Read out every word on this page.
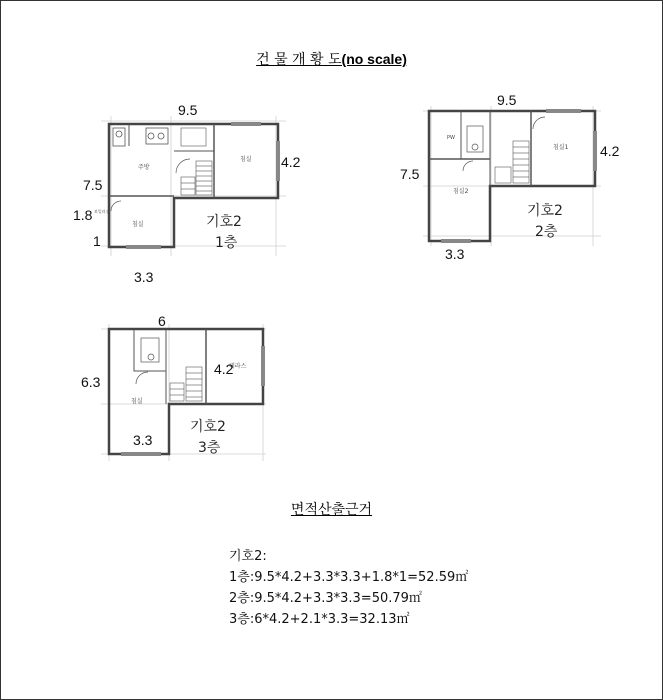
건 물 개 황 도(no scale)
주방
침실
침실
보일러실
9.5
4.2
7.5
1.8
1
3.3
기호2
1층
침실1
침실2
PW
9.5
4.2
7.5
3.3
기호2
2층
침실
테라스
6
6.3
4.2
3.3
기호2
3층
면적산출근거
기호2:
1층:9.5*4.2+3.3*3.3+1.8*1=52.59㎡
2층:9.5*4.2+3.3*3.3=50.79㎡
3층:6*4.2+2.1*3.3=32.13㎡
